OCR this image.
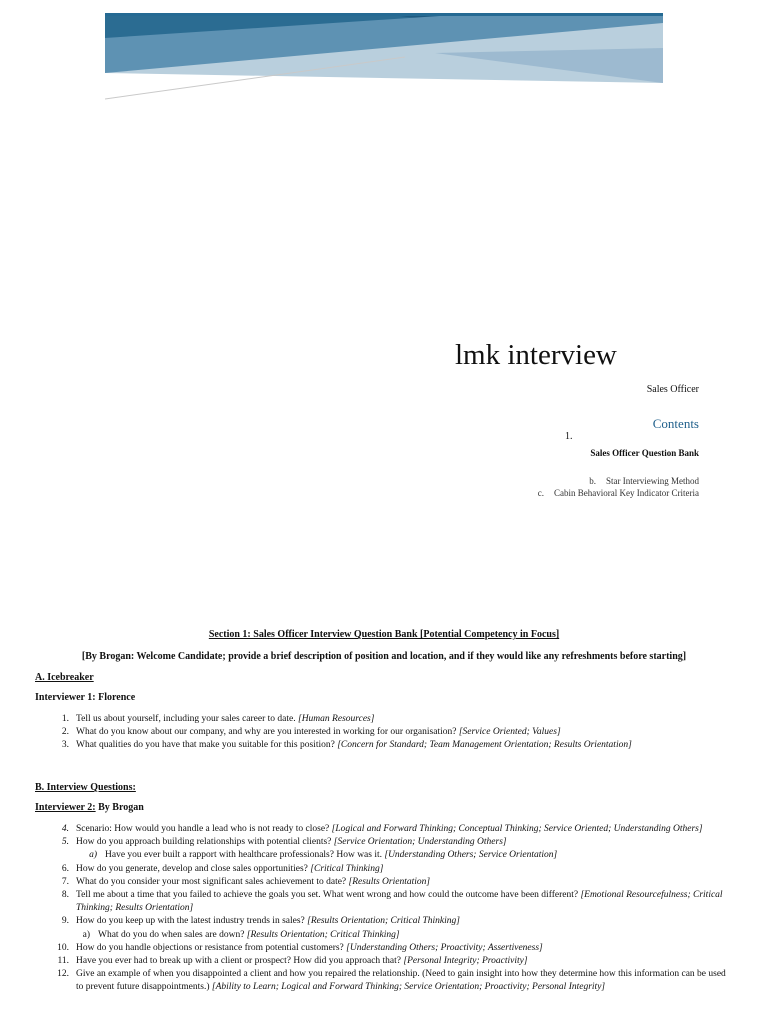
lmk interview
Sales Officer
Contents
1.
Sales Officer Question Bank
b. Star Interviewing Method
c. Cabin Behavioral Key Indicator Criteria
Section 1: Sales Officer Interview Question Bank [Potential Competency in Focus]
[By Brogan: Welcome Candidate; provide a brief description of position and location, and if they would like any refreshments before starting]
A. Icebreaker
Interviewer 1: Florence
1. Tell us about yourself, including your sales career to date. [Human Resources]
2. What do you know about our company, and why are you interested in working for our organisation? [Service Oriented; Values]
3. What qualities do you have that make you suitable for this position? [Concern for Standard; Team Management Orientation; Results Orientation]
B. Interview Questions:
Interviewer 2: By Brogan
4. Scenario: How would you handle a lead who is not ready to close? [Logical and Forward Thinking; Conceptual Thinking; Service Oriented; Understanding Others]
5. How do you approach building relationships with potential clients? [Service Orientation; Understanding Others]
a) Have you ever built a rapport with healthcare professionals? How was it. [Understanding Others; Service Orientation]
6. How do you generate, develop and close sales opportunities? [Critical Thinking]
7. What do you consider your most significant sales achievement to date? [Results Orientation]
8. Tell me about a time that you failed to achieve the goals you set. What went wrong and how could the outcome have been different? [Emotional Resourcefulness; Critical Thinking; Results Orientation]
9. How do you keep up with the latest industry trends in sales? [Results Orientation; Critical Thinking]
a) What do you do when sales are down? [Results Orientation; Critical Thinking]
10. How do you handle objections or resistance from potential customers? [Understanding Others; Proactivity; Assertiveness]
11. Have you ever had to break up with a client or prospect? How did you approach that? [Personal Integrity; Proactivity]
12. Give an example of when you disappointed a client and how you repaired the relationship. (Need to gain insight into how they determine how this information can be used to prevent future disappointments.) [Ability to Learn; Logical and Forward Thinking; Service Orientation; Proactivity; Personal Integrity]
